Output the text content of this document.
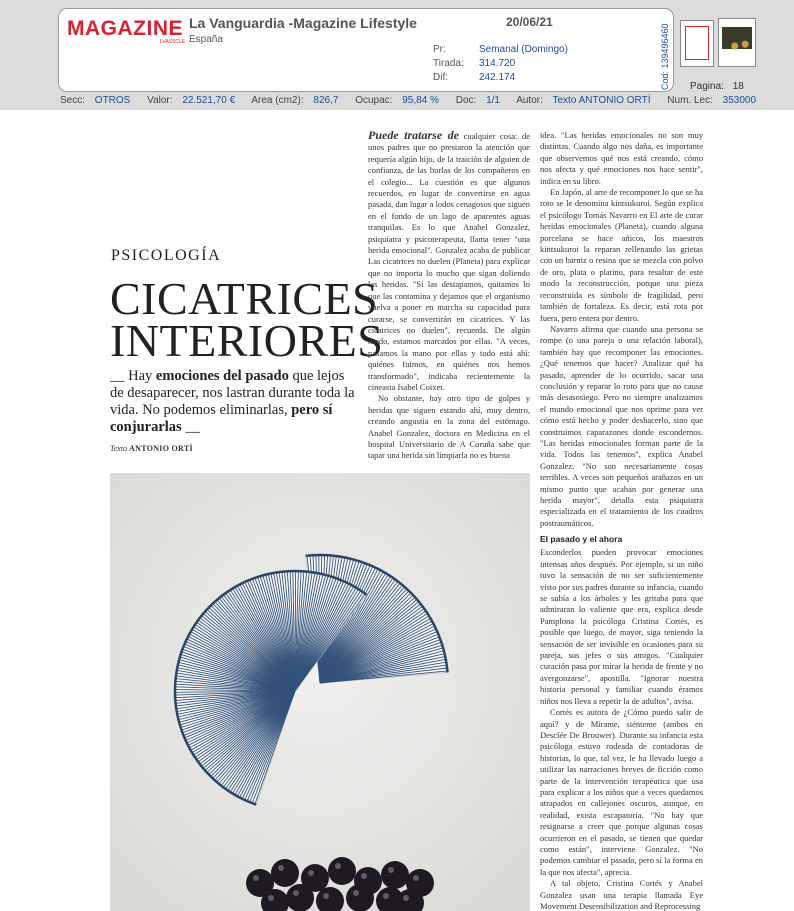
MAGAZINE
LVASSCLE
La Vanguardia -Magazine Lifestyle
España
20/06/21
Pr:	Semanal (Domingo)
Tirada: 314.720
Dif:	242.174	Cod: 139496460	Pagina: 18
Secc: OTROS Valor: 22.521,70 € Area (cm2): 826,7 Ocupac: 95,84 % Doc: 1/1 Autor: Texto ANTONIO ORTÍ Num. Lec: 353000
PSICOLOGÍA
CICATRICES
INTERIORES
__ Hay emociones del pasado que lejos de desaparecer, nos lastran durante toda la vida. No podemos eliminarlas, pero sí conjurarlas __
Texto ANTONIO ORTÍ

Puede tratarse de cualquier cosa: de unos padres que no prestaron la atención que requería algún hijo, de la traición de alguien de confianza, de las burlas de los compañeros en el colegio... La cuestión es que algunos recuerdos, en lugar de convertirse en agua pasada, dan lugar a lodos cenagosos que siguen en el fondo de un lago de aparentes aguas tranquilas. Es lo que Anabel Gonzalez, psiquiatra y psicoterapeuta, llama tener "una herida emocional". Gonzalez acaba de publicar Las cicatrices no duelen (Planeta) para explicar que no importa lo mucho que sigan doliendo las heridas. "Si las destapamos, quitamos lo que las contamina y dejamos que el organismo vuelva a poner en marcha su capacidad para curarse, se convertirán en cicatrices. Y las cicatrices no duelen", recuerda. De algún modo, estamos marcados por ellas. "A veces, pasamos la mano por ellas y todo está ahí: quiénes fuimos, en quiénes nos hemos transformado", indicaba recientemente la cineasta Isabel Coixet.

No obstante, hay otro tipo de golpes y heridas que siguen estando ahí, muy dentro, creando angustia en la zona del estómago. Anabel Gonzalez, doctora en Medicina en el hospital Universitario de A Coruña sabe que tapar una herida sin limpiarla no es buena

idea. "Las heridas emocionales no son muy distintas. Cuando algo nos daña, es importante que observemos qué nos está creando, cómo nos afecta y qué emociones nos hace sentir", indica en su libro.

En Japón, al arte de recomponer lo que se ha roto se le denomina kintsukuroi. Según explica el psicólogo Tomás Navarro en El arte de curar heridas emocionales (Planeta), cuando alguna porcelana se hace añicos, los maestros kintsukuroi la reparan rellenando las grietas con un barniz o resina que se mezcla con polvo de oro, plata o platino, para resaltar de este modo la reconstrucción, porque una pieza reconstruida es símbolo de fragilidad, pero también de fortaleza. Es decir, está rota por fuera, pero entera por dentro.

Navarro afirma que cuando una persona se rompe (o una pareja o una relación laboral), también hay que recomponer las emociones. ¿Qué tenemos que hacer? Analizar qué ha pasado, aprender de lo ocurrido, sacar una conclusión y reparar lo roto para que no cause más desasosiego. Pero no siempre analizamos el mundo emocional que nos oprime para ver cómo está hecho y poder deshacerlo, sino que construimos caparazones donde escondernos. "Las heridas emocionales forman parte de la vida. Todos las tenemos", explica Anabel Gonzalez. "No son necesariamente cosas terribles. A veces son pequeños arañazos en un mismo punto que acaban por generar una herida mayor", detalla esta psiquiatra especializada en el tratamiento de los cuadros postraumáticos.

El pasado y el ahora

Esconderlos pueden provocar emociones intensas años después. Por ejemplo, si un niño tuvo la sensación de no ser suficientemente visto por sus padres durante su infancia, cuando se subía a los árboles y les gritaba para que admiraran lo valiente que era, explica desde Pamplona la psicóloga Cristina Cortés, es posible que luego, de mayor, siga teniendo la sensación de ser invisible en ocasiones para su pareja, sus jefes o sus amigos. "Cualquier curación pasa por mirar la herida de frente y no avergonzarse", apostilla. "Ignorar nuestra historia personal y familiar cuando éramos niños nos lleva a repetir la de adultos", avisa.

Cortés es autora de ¿Cómo puedo salir de aquí? y de Mírame, siénteme (ambos en Desclée De Brouwer). Durante su infancia esta psicóloga estuvo rodeada de contadoras de historias, lo que, tal vez, le ha llevado luego a utilizar las narraciones breves de ficción como parte de la intervención terapéutica que usa para explicar a los niños que a veces quedamos atrapados en callejones oscuros, aunque, en realidad, exista escapatoria. "No hay que resignarse a creer que porque algunas cosas ocurrieron en el pasado, se tienen que quedar como están", interviene Gonzalez. "No podemos cambiar el pasado, pero sí la forma en la que nos afecta", aprecia.

A tal objeto, Cristina Cortés y Anabel Gonzalez usan una terapia llamada Eye Movement Desensibilization and Reprocessing
